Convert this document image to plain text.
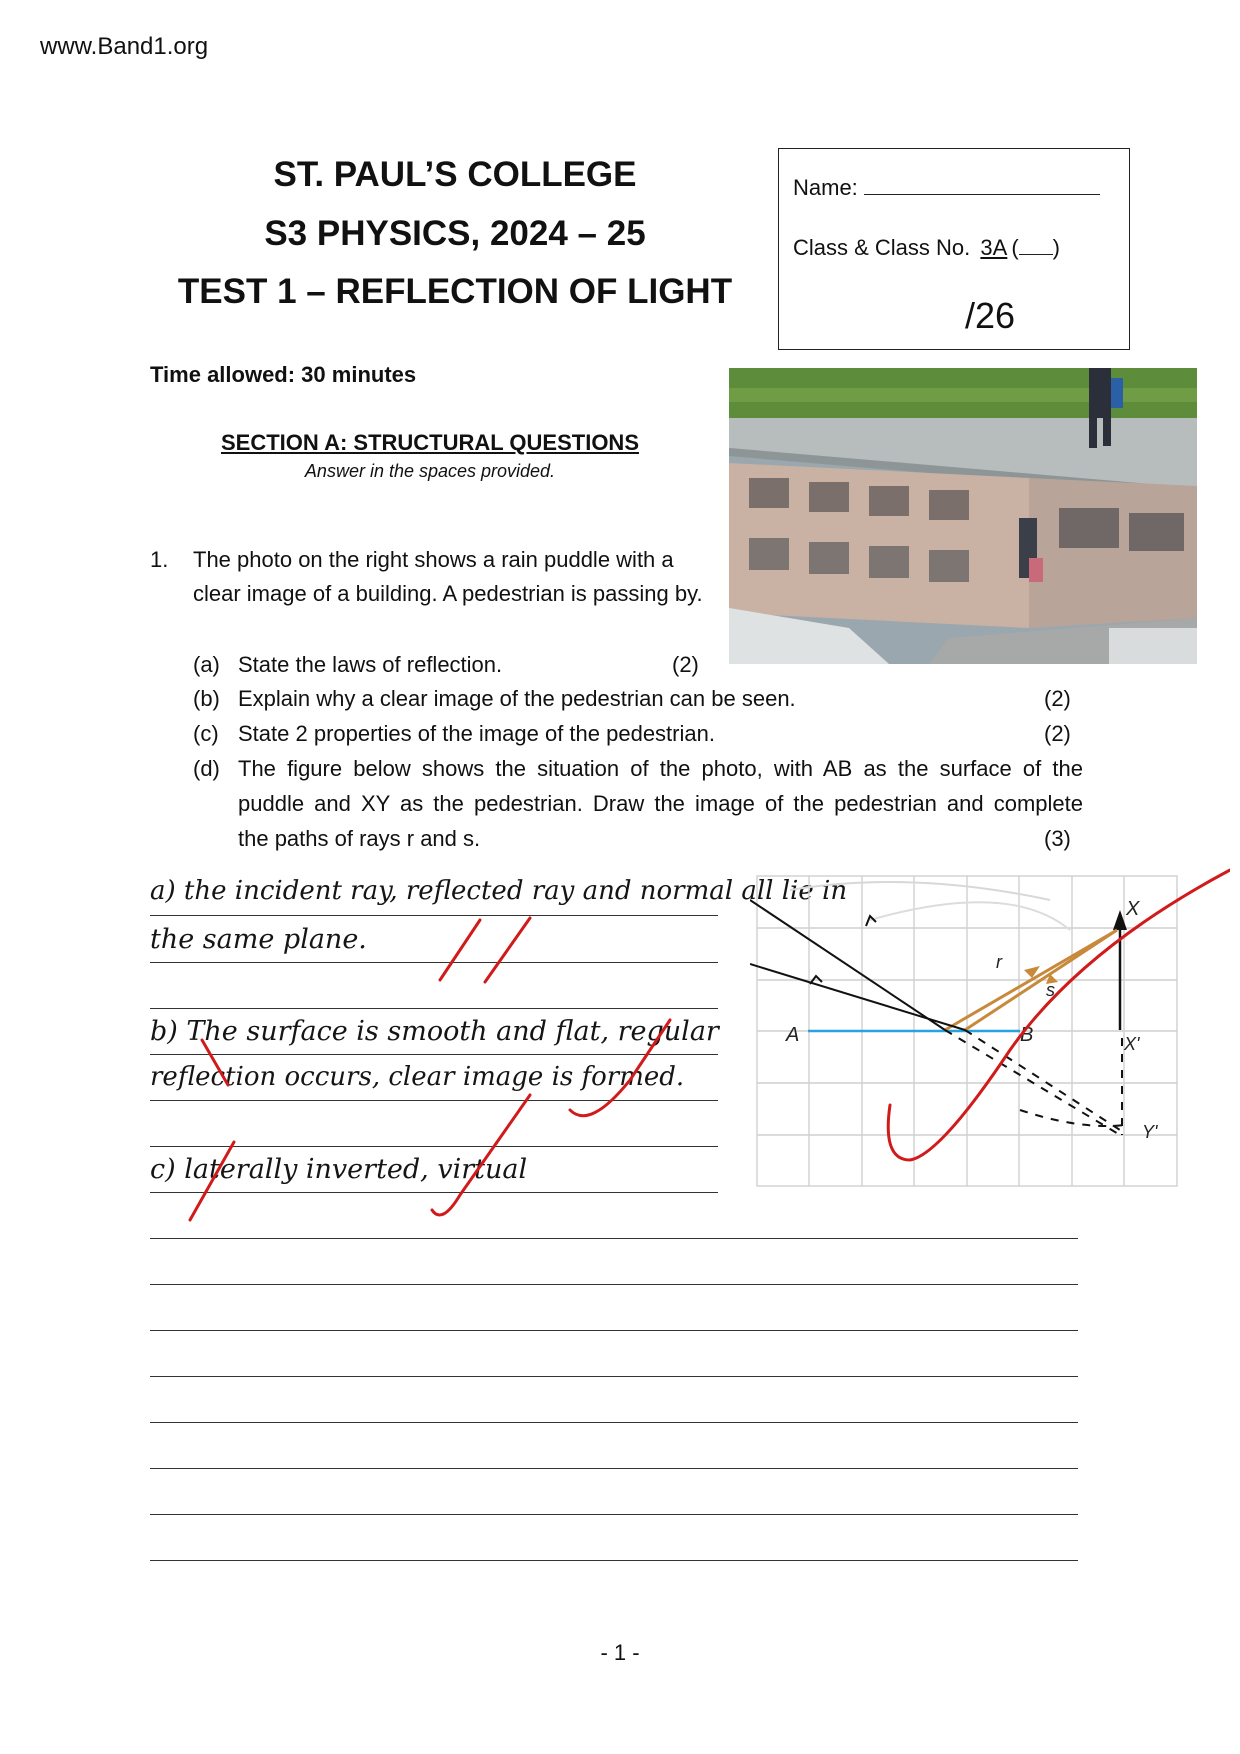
www.Band1.org
ST. PAUL’S COLLEGE
S3 PHYSICS, 2024 – 25
TEST 1 – REFLECTION OF LIGHT
Name:
Class & Class No. 3A ( )
/26
Time allowed: 30 minutes
SECTION A: STRUCTURAL QUESTIONS
Answer in the spaces provided.
1. The photo on the right shows a rain puddle with a
clear image of a building. A pedestrian is passing by.
(a) State the laws of reflection.	(2)
(b) Explain why a clear image of the pedestrian can be seen.	(2)
(c) State 2 properties of the image of the pedestrian.	(2)
(d) The figure below shows the situation of the photo, with AB as the surface of the
puddle and XY as the pedestrian. Draw the image of the pedestrian and complete
the paths of rays r and s.	(3)
a) the incident ray, reflected ray and normal all lie in
the same plane.
b) The surface is smooth and flat, regular
reflection occurs, clear image is formed.
c) laterally inverted, virtual
A	B
X
r
s
X'
Y'
- 1 -
